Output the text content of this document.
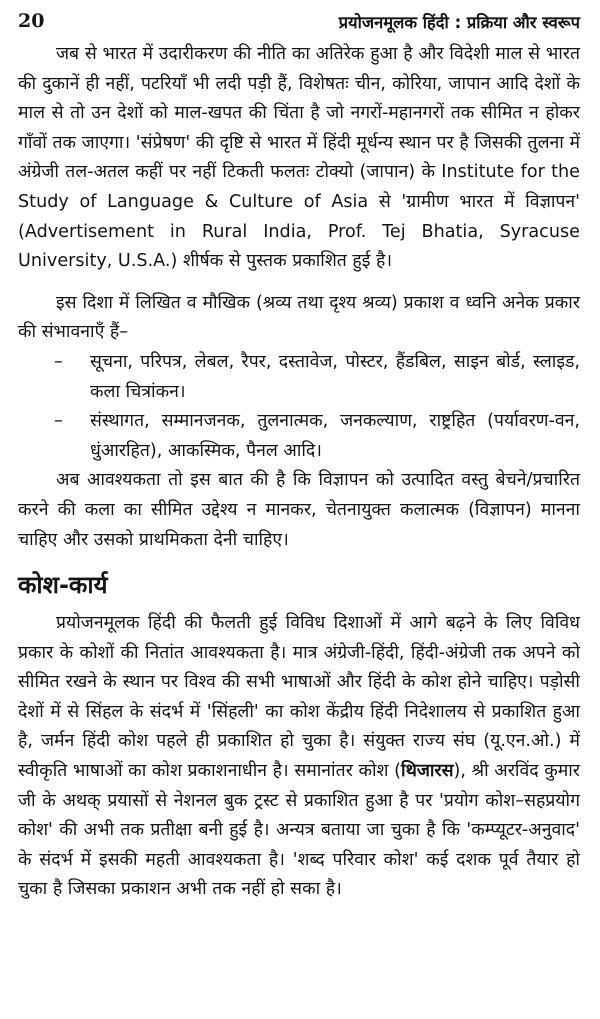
20	प्रयोजनमूलक हिंदी : प्रक्रिया और स्वरूप

जब से भारत में उदारीकरण की नीति का अतिरेक हुआ है और विदेशी माल से भारत की दुकानें ही नहीं, पटरियाँ भी लदी पड़ी हैं, विशेषतः चीन, कोरिया, जापान आदि देशों के माल से तो उन देशों को माल-खपत की चिंता है जो नगरों-महानगरों तक सीमित न होकर गाँवों तक जाएगा। 'संप्रेषण' की दृष्टि से भारत में हिंदी मूर्धन्य स्थान पर है जिसकी तुलना में अंग्रेजी तल-अतल कहीं पर नहीं टिकती फलतः टोक्यो (जापान) के Institute for the Study of Language & Culture of Asia से 'ग्रामीण भारत में विज्ञापन' (Advertisement in Rural India, Prof. Tej Bhatia, Syracuse University, U.S.A.) शीर्षक से पुस्तक प्रकाशित हुई है।

इस दिशा में लिखित व मौखिक (श्रव्य तथा दृश्य श्रव्य) प्रकाश व ध्वनि अनेक प्रकार की संभावनाएँ हैं–

– सूचना, परिपत्र, लेबल, रैपर, दस्तावेज, पोस्टर, हैंडबिल, साइन बोर्ड, स्लाइड, कला चित्रांकन।
– संस्थागत, सम्मानजनक, तुलनात्मक, जनकल्याण, राष्ट्रहित (पर्यावरण-वन, धुंआरहित), आकस्मिक, पैनल आदि।

अब आवश्यकता तो इस बात की है कि विज्ञापन को उत्पादित वस्तु बेचने/प्रचारित करने की कला का सीमित उद्देश्य न मानकर, चेतनायुक्त कलात्मक (विज्ञापन) मानना चाहिए और उसको प्राथमिकता देनी चाहिए।

कोश-कार्य

प्रयोजनमूलक हिंदी की फैलती हुई विविध दिशाओं में आगे बढ़ने के लिए विविध प्रकार के कोशों की नितांत आवश्यकता है। मात्र अंग्रेजी-हिंदी, हिंदी-अंग्रेजी तक अपने को सीमित रखने के स्थान पर विश्व की सभी भाषाओं और हिंदी के कोश होने चाहिए। पड़ोसी देशों में से सिंहल के संदर्भ में 'सिंहली' का कोश केंद्रीय हिंदी निदेशालय से प्रकाशित हुआ है, जर्मन हिंदी कोश पहले ही प्रकाशित हो चुका है। संयुक्त राज्य संघ (यू.एन.ओ.) में स्वीकृति भाषाओं का कोश प्रकाशनाधीन है। समानांतर कोश (थिजारस), श्री अरविंद कुमार जी के अथक् प्रयासों से नेशनल बुक ट्रस्ट से प्रकाशित हुआ है पर 'प्रयोग कोश–सहप्रयोग कोश' की अभी तक प्रतीक्षा बनी हुई है। अन्यत्र बताया जा चुका है कि 'कम्प्यूटर-अनुवाद' के संदर्भ में इसकी महती आवश्यकता है। 'शब्द परिवार कोश' कई दशक पूर्व तैयार हो चुका है जिसका प्रकाशन अभी तक नहीं हो सका है।
